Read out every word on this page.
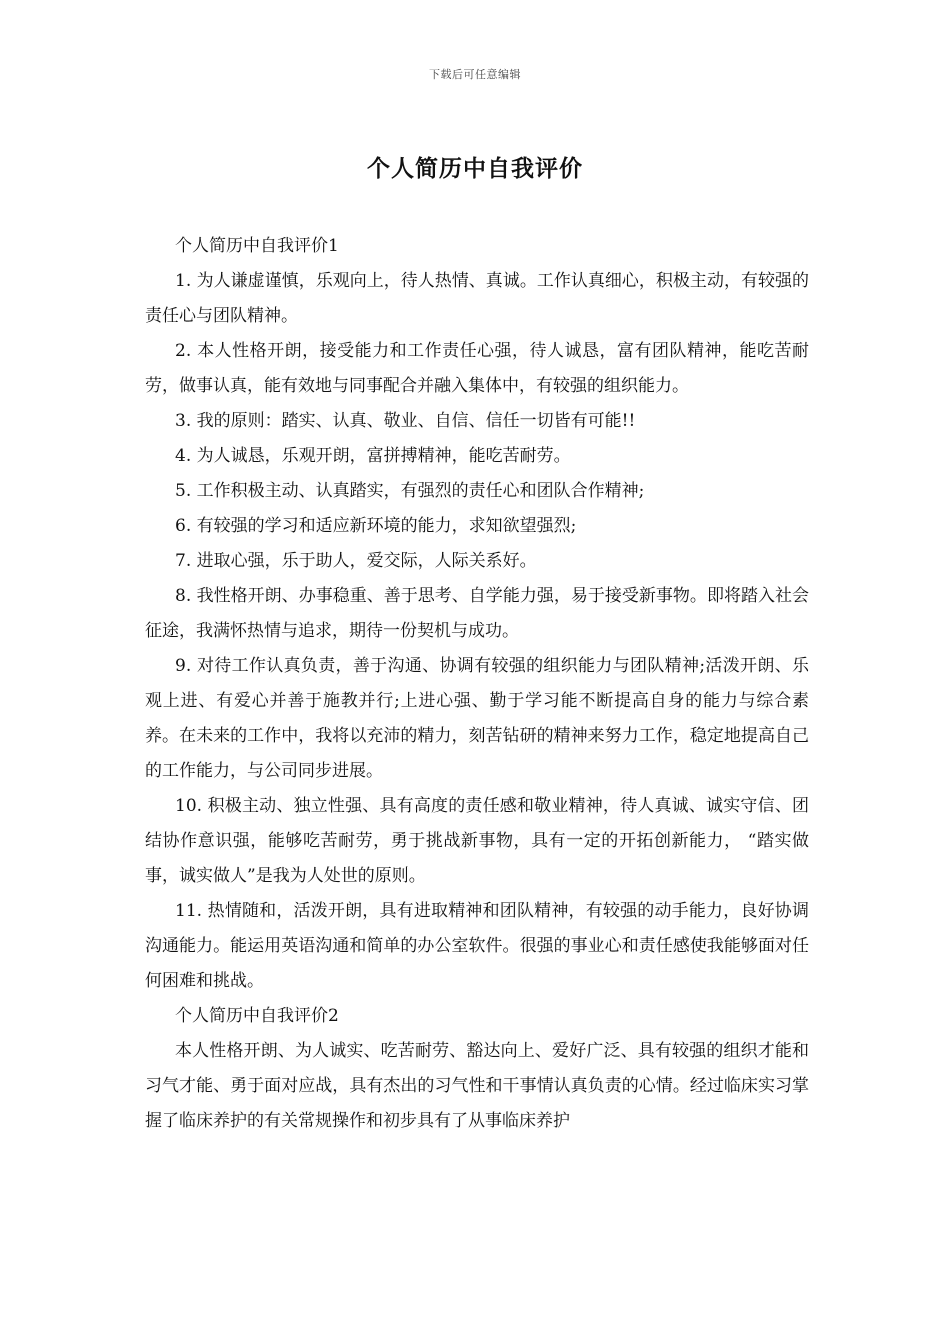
下载后可任意编辑
个人简历中自我评价

个人简历中自我评价1

1. 为人谦虚谨慎，乐观向上，待人热情、真诚。工作认真细心，积极主动，有较强的责任心与团队精神。

2. 本人性格开朗，接受能力和工作责任心强，待人诚恳，富有团队精神，能吃苦耐劳，做事认真，能有效地与同事配合并融入集体中，有较强的组织能力。

3. 我的原则：踏实、认真、敬业、自信、信任一切皆有可能!!

4. 为人诚恳，乐观开朗，富拼搏精神，能吃苦耐劳。

5. 工作积极主动、认真踏实，有强烈的责任心和团队合作精神;

6. 有较强的学习和适应新环境的能力，求知欲望强烈;

7. 进取心强，乐于助人，爱交际，人际关系好。

8. 我性格开朗、办事稳重、善于思考、自学能力强，易于接受新事物。即将踏入社会征途，我满怀热情与追求，期待一份契机与成功。

9. 对待工作认真负责，善于沟通、协调有较强的组织能力与团队精神;活泼开朗、乐观上进、有爱心并善于施教并行;上进心强、勤于学习能不断提高自身的能力与综合素养。在未来的工作中，我将以充沛的精力，刻苦钻研的精神来努力工作，稳定地提高自己的工作能力，与公司同步进展。

10. 积极主动、独立性强、具有高度的责任感和敬业精神，待人真诚、诚实守信、团结协作意识强，能够吃苦耐劳，勇于挑战新事物，具有一定的开拓创新能力， “踏实做事，诚实做人”是我为人处世的原则。

11. 热情随和，活泼开朗，具有进取精神和团队精神，有较强的动手能力，良好协调沟通能力。能运用英语沟通和简单的办公室软件。很强的事业心和责任感使我能够面对任何困难和挑战。

个人简历中自我评价2

本人性格开朗、为人诚实、吃苦耐劳、豁达向上、爱好广泛、具有较强的组织才能和习气才能、勇于面对应战，具有杰出的习气性和干事情认真负责的心情。经过临床实习掌握了临床养护的有关常规操作和初步具有了从事临床养护
